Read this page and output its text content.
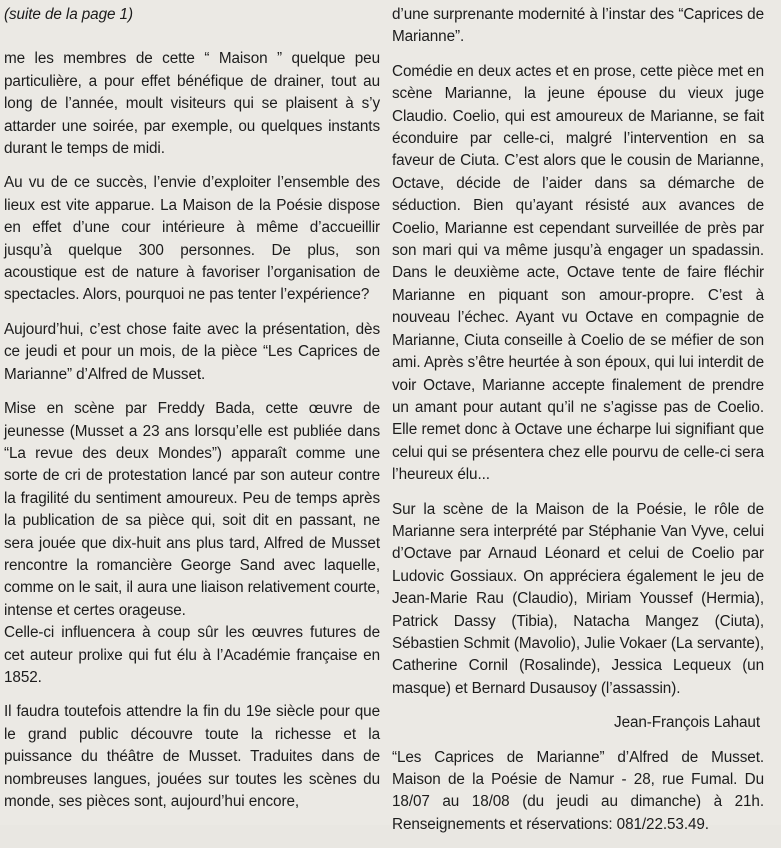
(suite de la page 1)

me les membres de cette “ Maison ” quelque peu particulière, a pour effet bénéfique de drainer, tout au long de l’année, moult visiteurs qui se plaisent à s’y attarder une soirée, par exemple, ou quelques instants durant le temps de midi.

Au vu de ce succès, l’envie d’exploiter l’ensemble des lieux est vite apparue. La Maison de la Poésie dispose en effet d’une cour intérieure à même d’accueillir jusqu’à quelque 300 personnes. De plus, son acoustique est de nature à favoriser l’organisation de spectacles. Alors, pourquoi ne pas tenter l’expérience?

Aujourd’hui, c’est chose faite avec la présentation, dès ce jeudi et pour un mois, de la pièce “Les Caprices de Marianne” d’Alfred de Musset.

Mise en scène par Freddy Bada, cette œuvre de jeunesse (Musset a 23 ans lorsqu’elle est publiée dans “La revue des deux Mondes”) apparaît comme une sorte de cri de protestation lancé par son auteur contre la fragilité du sentiment amoureux. Peu de temps après la publication de sa pièce qui, soit dit en passant, ne sera jouée que dix-huit ans plus tard, Alfred de Musset rencontre la romancière George Sand avec laquelle, comme on le sait, il aura une liaison relativement courte, intense et certes orageuse.

Celle-ci influencera à coup sûr les œuvres futures de cet auteur prolixe qui fut élu à l’Académie française en 1852.

Il faudra toutefois attendre la fin du 19e siècle pour que le grand public découvre toute la richesse et la puissance du théâtre de Musset. Traduites dans de nombreuses langues, jouées sur toutes les scènes du monde, ses pièces sont, aujourd’hui encore,

d’une surprenante modernité à l’instar des “Caprices de Marianne”.

Comédie en deux actes et en prose, cette pièce met en scène Marianne, la jeune épouse du vieux juge Claudio. Coelio, qui est amoureux de Marianne, se fait éconduire par celle-ci, malgré l’intervention en sa faveur de Ciuta. C’est alors que le cousin de Marianne, Octave, décide de l’aider dans sa démarche de séduction. Bien qu’ayant résisté aux avances de Coelio, Marianne est cependant surveillée de près par son mari qui va même jusqu’à engager un spadassin. Dans le deuxième acte, Octave tente de faire fléchir Marianne en piquant son amour-propre. C’est à nouveau l’échec. Ayant vu Octave en compagnie de Marianne, Ciuta conseille à Coelio de se méfier de son ami. Après s’être heurtée à son époux, qui lui interdit de voir Octave, Marianne accepte finalement de prendre un amant pour autant qu’il ne s’agisse pas de Coelio. Elle remet donc à Octave une écharpe lui signifiant que celui qui se présentera chez elle pourvu de celle-ci sera l’heureux élu...

Sur la scène de la Maison de la Poésie, le rôle de Marianne sera interprété par Stéphanie Van Vyve, celui d’Octave par Arnaud Léonard et celui de Coelio par Ludovic Gossiaux. On appréciera également le jeu de Jean-Marie Rau (Claudio), Miriam Youssef (Hermia), Patrick Dassy (Tibia), Natacha Mangez (Ciuta), Sébastien Schmit (Mavolio), Julie Vokaer (La servante), Catherine Cornil (Rosalinde), Jessica Lequeux (un masque) et Bernard Dusausoy (l’assassin).

Jean-François Lahaut

“Les Caprices de Marianne” d’Alfred de Musset. Maison de la Poésie de Namur - 28, rue Fumal. Du 18/07 au 18/08 (du jeudi au dimanche) à 21h. Renseignements et réservations: 081/22.53.49.
